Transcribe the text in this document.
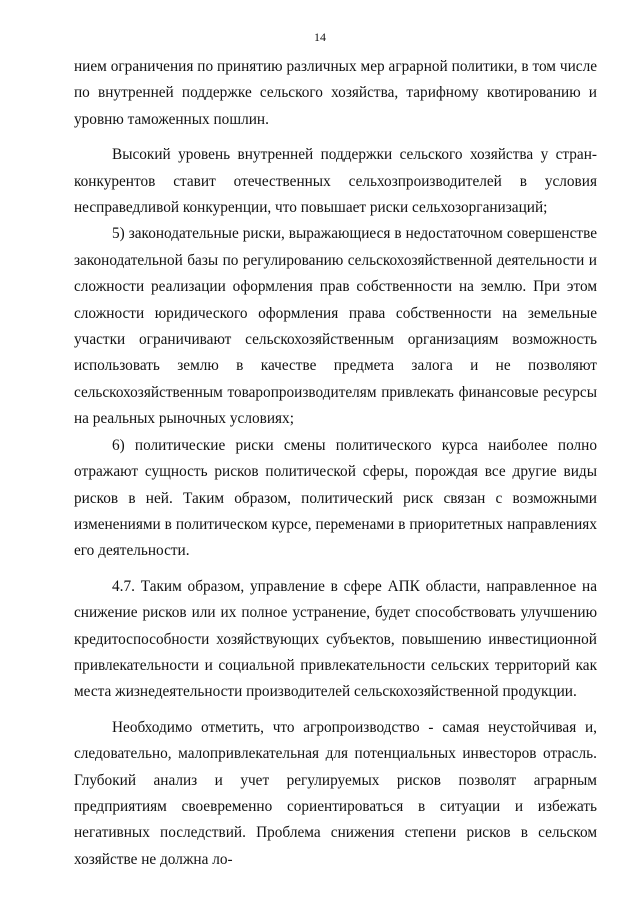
14

нием ограничения по принятию различных мер аграрной политики, в том числе по внутренней поддержке сельского хозяйства, тарифному квотированию и уровню таможенных пошлин.

Высокий уровень внутренней поддержки сельского хозяйства у стран-конкурентов ставит отечественных сельхозпроизводителей в условия несправедливой конкуренции, что повышает риски сельхозорганизаций;

5) законодательные риски, выражающиеся в недостаточном совершенстве законодательной базы по регулированию сельскохозяйственной деятельности и сложности реализации оформления прав собственности на землю. При этом сложности юридического оформления права собственности на земельные участки ограничивают сельскохозяйственным организациям возможность использовать землю в качестве предмета залога и не позволяют сельскохозяйственным товаропроизводителям привлекать финансовые ресурсы на реальных рыночных условиях;

6) политические риски смены политического курса наиболее полно отражают сущность рисков политической сферы, порождая все другие виды рисков в ней. Таким образом, политический риск связан с возможными изменениями в политическом курсе, переменами в приоритетных направлениях его деятельности.

4.7. Таким образом, управление в сфере АПК области, направленное на снижение рисков или их полное устранение, будет способствовать улучшению кредитоспособности хозяйствующих субъектов, повышению инвестиционной привлекательности и социальной привлекательности сельских территорий как места жизнедеятельности производителей сельскохозяйственной продукции.

Необходимо отметить, что агропроизводство - самая неустойчивая и, следовательно, малопривлекательная для потенциальных инвесторов отрасль. Глубокий анализ и учет регулируемых рисков позволят аграрным предприятиям своевременно сориентироваться в ситуации и избежать негативных последствий. Проблема снижения степени рисков в сельском хозяйстве не должна ло-
